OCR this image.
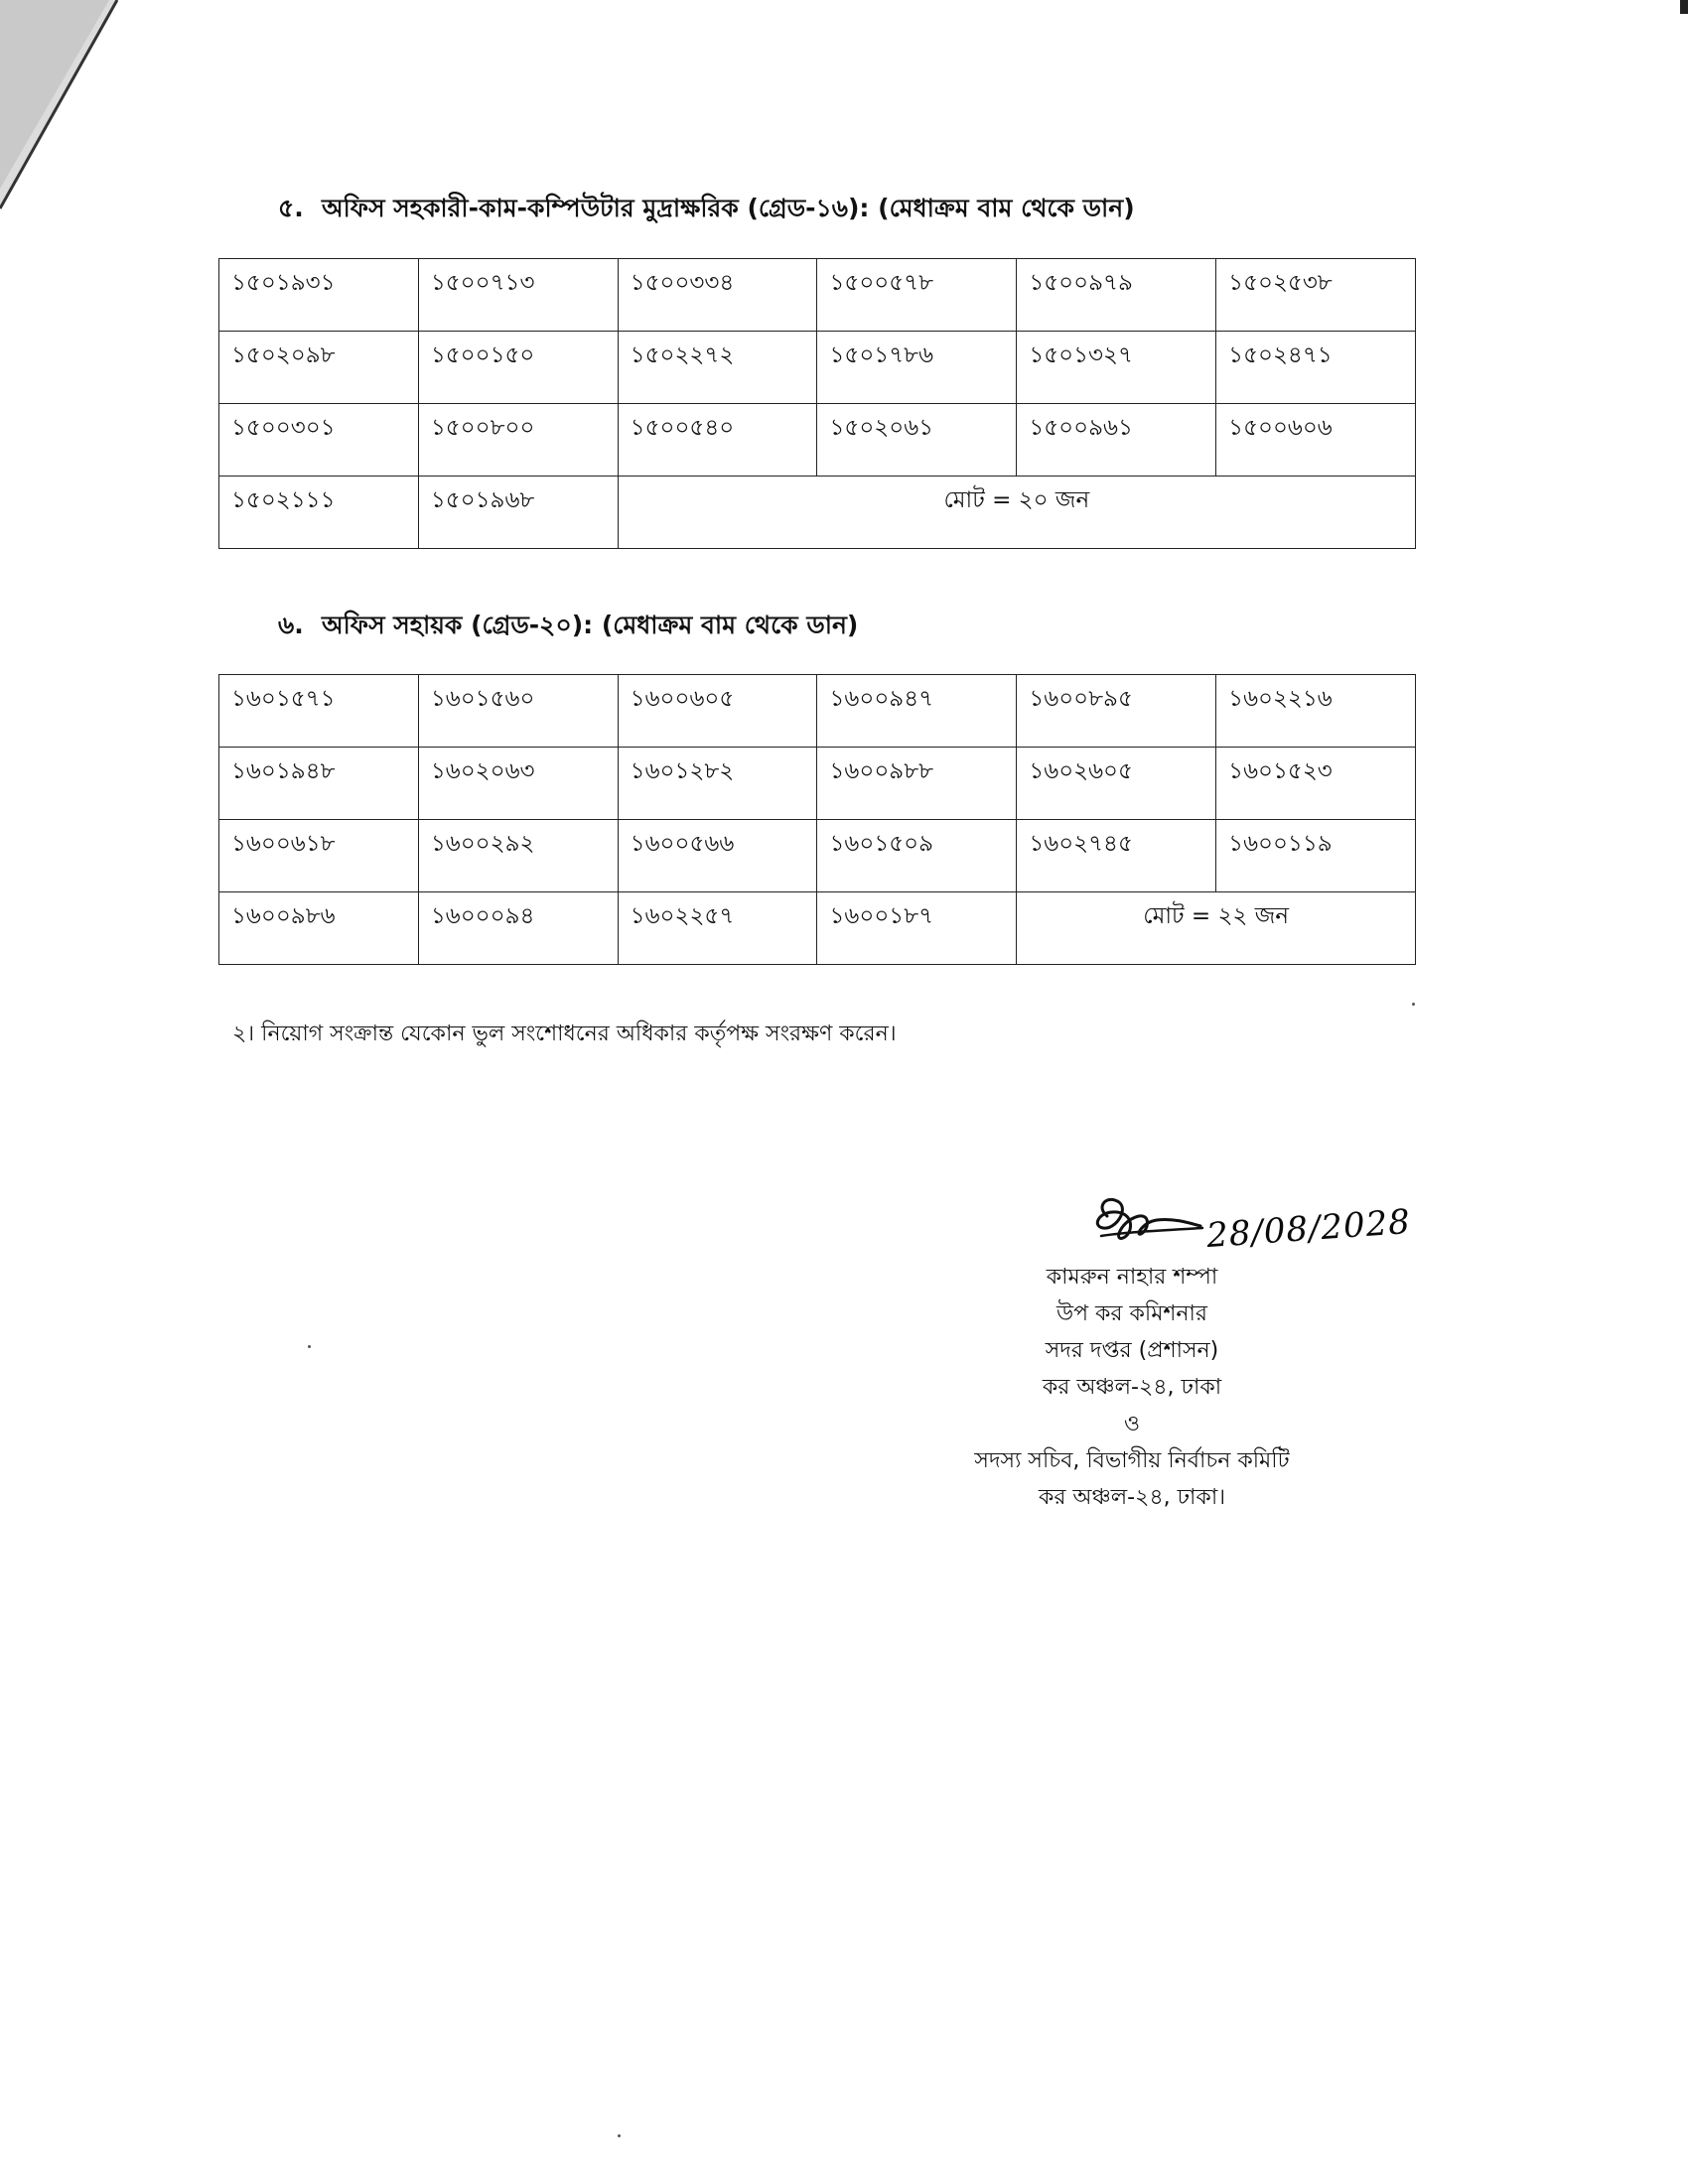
৫. অফিস সহকারী-কাম-কম্পিউটার মুদ্রাক্ষরিক (গ্রেড-১৬): (মেধাক্রম বাম থেকে ডান)
১৫০১৯৩১	১৫০০৭১৩	১৫০০৩৩৪	১৫০০৫৭৮	১৫০০৯৭৯	১৫০২৫৩৮
১৫০২০৯৮	১৫০০১৫০	১৫০২২৭২	১৫০১৭৮৬	১৫০১৩২৭	১৫০২৪৭১
১৫০০৩০১	১৫০০৮০০	১৫০০৫৪০	১৫০২০৬১	১৫০০৯৬১	১৫০০৬০৬
১৫০২১১১	১৫০১৯৬৮	মোট = ২০ জন			
৬. অফিস সহায়ক (গ্রেড-২০): (মেধাক্রম বাম থেকে ডান)
১৬০১৫৭১	১৬০১৫৬০	১৬০০৬০৫	১৬০০৯৪৭	১৬০০৮৯৫	১৬০২২১৬
১৬০১৯৪৮	১৬০২০৬৩	১৬০১২৮২	১৬০০৯৮৮	১৬০২৬০৫	১৬০১৫২৩
১৬০০৬১৮	১৬০০২৯২	১৬০০৫৬৬	১৬০১৫০৯	১৬০২৭৪৫	১৬০০১১৯
১৬০০৯৮৬	১৬০০০৯৪	১৬০২২৫৭	১৬০০১৮৭	মোট = ২২ জন	
২। নিয়োগ সংক্রান্ত যেকোন ভুল সংশোধনের অধিকার কর্তৃপক্ষ সংরক্ষণ করেন।
28/08/2028
কামরুন নাহার শম্পা
উপ কর কমিশনার
সদর দপ্তর (প্রশাসন)
কর অঞ্চল-২৪, ঢাকা
ও
সদস্য সচিব, বিভাগীয় নির্বাচন কমিটি
কর অঞ্চল-২৪, ঢাকা।
